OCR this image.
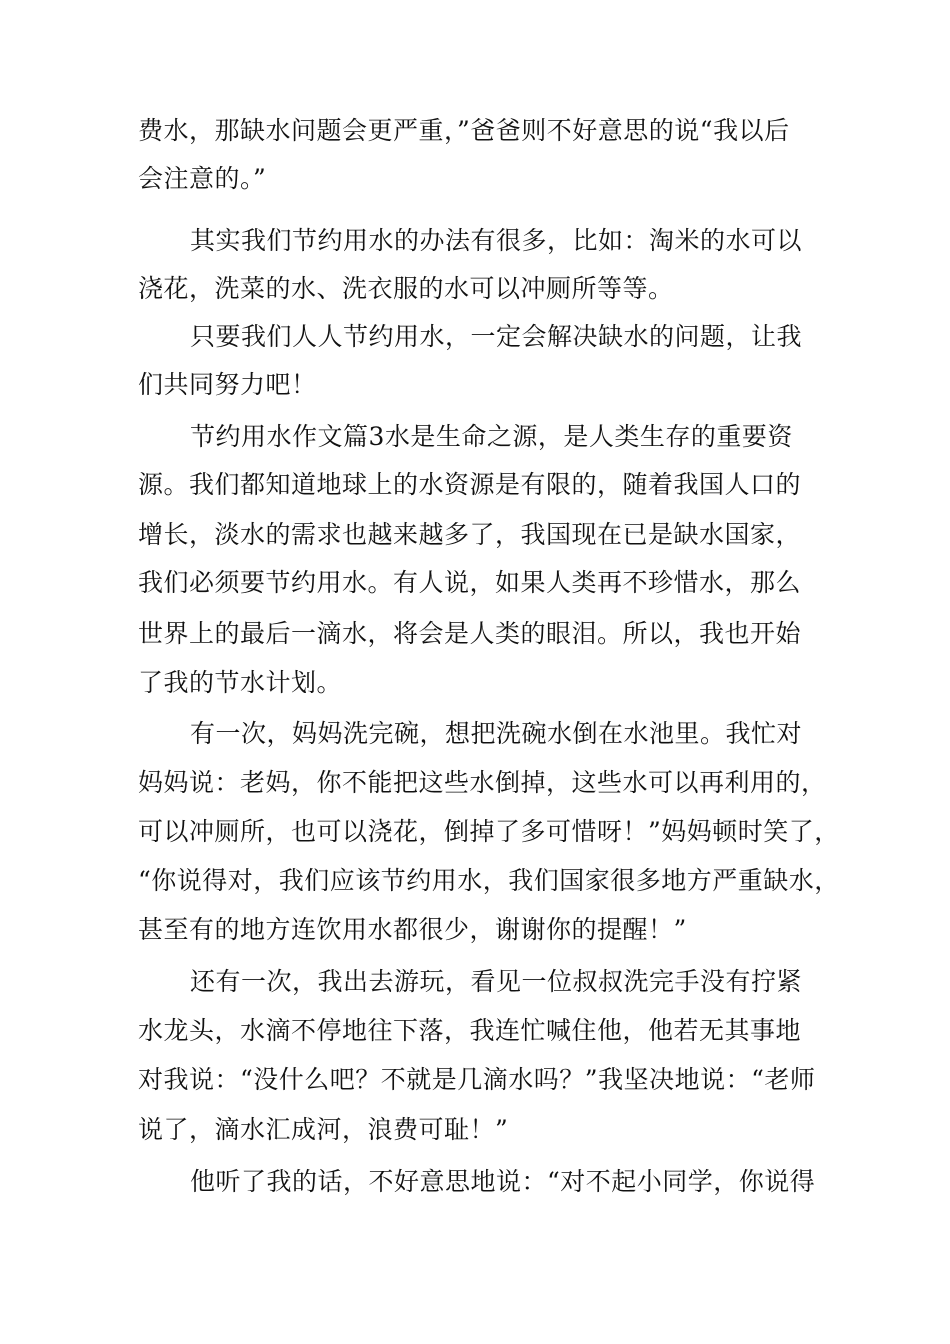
费水，那缺水问题会更严重，”爸爸则不好意思的说“我以后
会注意的。”
其实我们节约用水的办法有很多，比如：淘米的水可以
浇花，洗菜的水、洗衣服的水可以冲厕所等等。
只要我们人人节约用水，一定会解决缺水的问题，让我
们共同努力吧！
节约用水作文篇3水是生命之源，是人类生存的重要资
源。我们都知道地球上的水资源是有限的，随着我国人口的
增长，淡水的需求也越来越多了，我国现在已是缺水国家，
我们必须要节约用水。有人说，如果人类再不珍惜水，那么
世界上的最后一滴水，将会是人类的眼泪。所以，我也开始
了我的节水计划。
有一次，妈妈洗完碗，想把洗碗水倒在水池里。我忙对
妈妈说：老妈，你不能把这些水倒掉，这些水可以再利用的，
可以冲厕所，也可以浇花，倒掉了多可惜呀！”妈妈顿时笑了，
“你说得对，我们应该节约用水，我们国家很多地方严重缺水，
甚至有的地方连饮用水都很少，谢谢你的提醒！”
还有一次，我出去游玩，看见一位叔叔洗完手没有拧紧
水龙头，水滴不停地往下落，我连忙喊住他，他若无其事地
对我说：“没什么吧？不就是几滴水吗？”我坚决地说：“老师
说了，滴水汇成河，浪费可耻！”
他听了我的话，不好意思地说：“对不起小同学，你说得
